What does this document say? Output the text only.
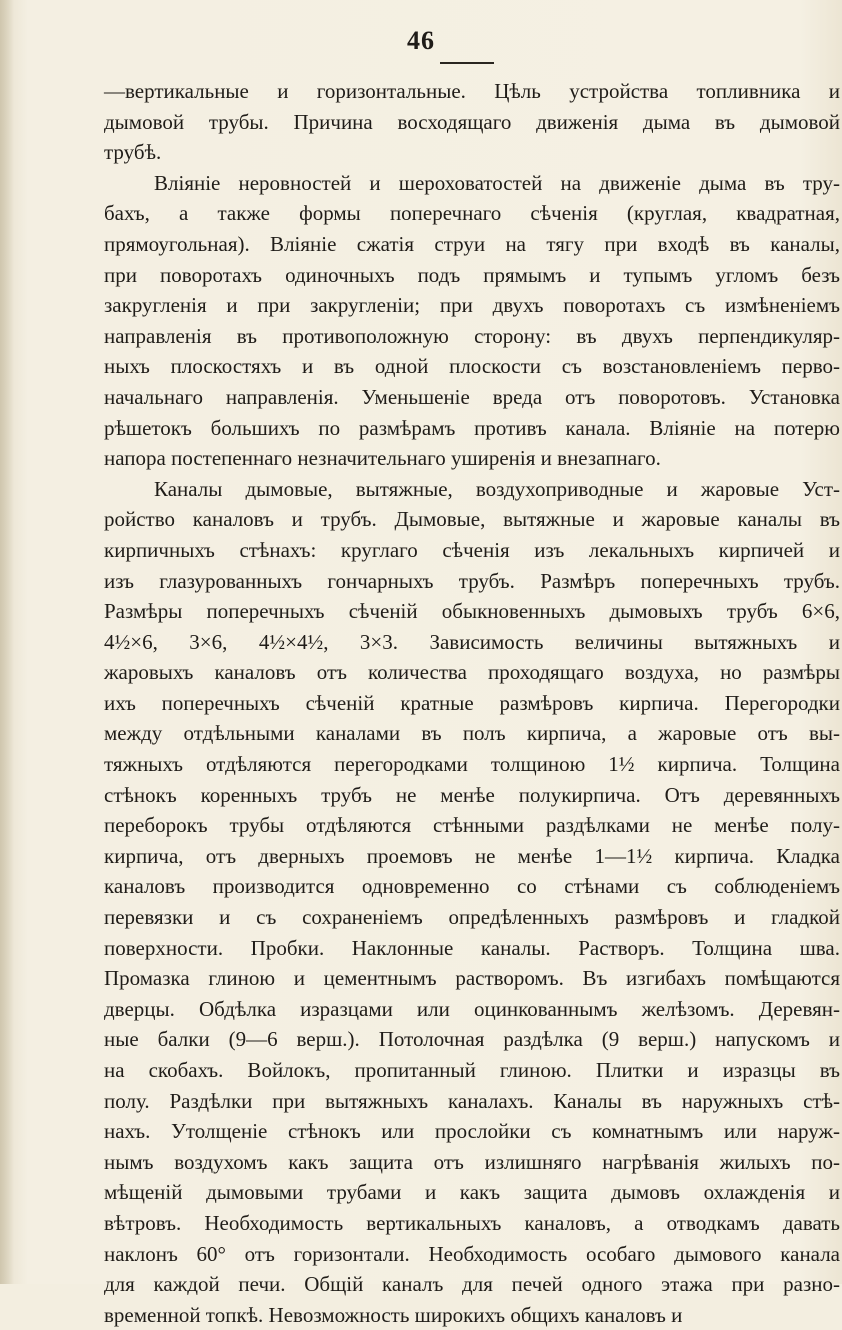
46
—вертикальные и горизонтальные. Цѣль устройства топливника и
дымовой трубы. Причина восходящаго движенія дыма въ дымовой
трубѣ.
Вліяніе неровностей и шероховатостей на движеніе дыма въ тру-
бахъ, а также формы поперечнаго сѣченія (круглая, квадратная,
прямоугольная). Вліяніе сжатія струи на тягу при входѣ въ каналы,
при поворотахъ одиночныхъ подъ прямымъ и тупымъ угломъ безъ
закругленія и при закругленіи; при двухъ поворотахъ съ измѣненіемъ
направленія въ противоположную сторону: въ двухъ перпендикуляр-
ныхъ плоскостяхъ и въ одной плоскости съ возстановленіемъ перво-
начальнаго направленія. Уменьшеніе вреда отъ поворотовъ. Установка
рѣшетокъ большихъ по размѣрамъ противъ канала. Вліяніе на потерю
напора постепеннаго незначительнаго уширенія и внезапнаго.
Каналы дымовые, вытяжные, воздухоприводные и жаровые Уст-
ройство каналовъ и трубъ. Дымовые, вытяжные и жаровые каналы въ
кирпичныхъ стѣнахъ: круглаго сѣченія изъ лекальныхъ кирпичей и
изъ глазурованныхъ гончарныхъ трубъ. Размѣръ поперечныхъ трубъ.
Размѣры поперечныхъ сѣченій обыкновенныхъ дымовыхъ трубъ 6×6,
4½×6, 3×6, 4½×4½, 3×3. Зависимость величины вытяжныхъ и
жаровыхъ каналовъ отъ количества проходящаго воздуха, но размѣры
ихъ поперечныхъ сѣченій кратные размѣровъ кирпича. Перегородки
между отдѣльными каналами въ полъ кирпича, а жаровые отъ вы-
тяжныхъ отдѣляются перегородками толщиною 1½ кирпича. Толщина
стѣнокъ коренныхъ трубъ не менѣе полукирпича. Отъ деревянныхъ
переборокъ трубы отдѣляются стѣнными раздѣлками не менѣе полу-
кирпича, отъ дверныхъ проемовъ не менѣе 1—1½ кирпича. Кладка
каналовъ производится одновременно со стѣнами съ соблюденіемъ
перевязки и съ сохраненіемъ опредѣленныхъ размѣровъ и гладкой
поверхности. Пробки. Наклонные каналы. Растворъ. Толщина шва.
Промазка глиною и цементнымъ растворомъ. Въ изгибахъ помѣщаются
дверцы. Обдѣлка изразцами или оцинкованнымъ желѣзомъ. Деревян-
ные балки (9—6 верш.). Потолочная раздѣлка (9 верш.) напускомъ и
на скобахъ. Войлокъ, пропитанный глиною. Плитки и изразцы въ
полу. Раздѣлки при вытяжныхъ каналахъ. Каналы въ наружныхъ стѣ-
нахъ. Утолщеніе стѣнокъ или прослойки съ комнатнымъ или наруж-
нымъ воздухомъ какъ защита отъ излишняго нагрѣванія жилыхъ по-
мѣщеній дымовыми трубами и какъ защита дымовъ охлажденія и
вѣтровъ. Необходимость вертикальныхъ каналовъ, а отводкамъ давать
наклонъ 60° отъ горизонтали. Необходимость особаго дымового канала
для каждой печи. Общій каналъ для печей одного этажа при разно-
временной топкѣ. Невозможность широкихъ общихъ каналовъ и
